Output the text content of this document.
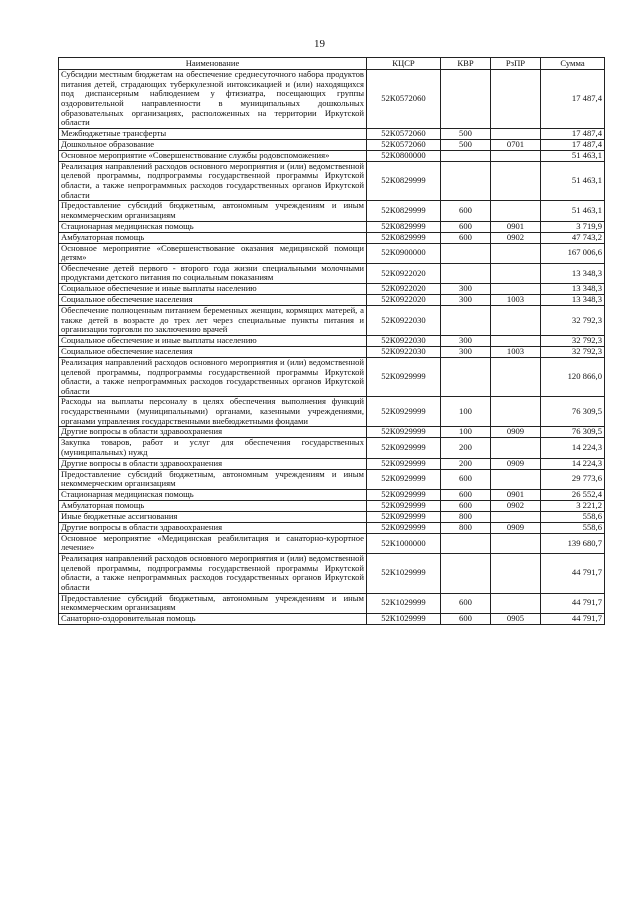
19
Наименование	КЦСР	КВР	РзПР	Сумма
Субсидии местным бюджетам на обеспечение среднесуточного набора продуктов питания детей, страдающих туберкулезной интоксикацией и (или) находящихся под диспансерным наблюдением у фтизиатра, посещающих группы оздоровительной направленности в муниципальных дошкольных образовательных организациях, расположенных на территории Иркутской области	52К0572060			17 487,4
Межбюджетные трансферты	52К0572060	500		17 487,4
Дошкольное образование	52К0572060	500	0701	17 487,4
Основное мероприятие «Совершенствование службы родовспоможения»	52К0800000			51 463,1
Реализация направлений расходов основного мероприятия и (или) ведомственной целевой программы, подпрограммы государственной программы Иркутской области, а также непрограммных расходов государственных органов Иркутской области	52К0829999			51 463,1
Предоставление субсидий бюджетным, автономным учреждениям и иным некоммерческим организациям	52К0829999	600		51 463,1
Стационарная медицинская помощь	52К0829999	600	0901	3 719,9
Амбулаторная помощь	52К0829999	600	0902	47 743,2
Основное мероприятие «Совершенствование оказания медицинской помощи детям»	52К0900000			167 006,6
Обеспечение детей первого - второго года жизни специальными молочными продуктами детского питания по социальным показаниям	52К0922020			13 348,3
Социальное обеспечение и иные выплаты населению	52К0922020	300		13 348,3
Социальное обеспечение населения	52К0922020	300	1003	13 348,3
Обеспечение полноценным питанием беременных женщин, кормящих матерей, а также детей в возрасте до трех лет через специальные пункты питания и организации торговли по заключению врачей	52К0922030			32 792,3
Социальное обеспечение и иные выплаты населению	52К0922030	300		32 792,3
Социальное обеспечение населения	52К0922030	300	1003	32 792,3
Реализация направлений расходов основного мероприятия и (или) ведомственной целевой программы, подпрограммы государственной программы Иркутской области, а также непрограммных расходов государственных органов Иркутской области	52К0929999			120 866,0
Расходы на выплаты персоналу в целях обеспечения выполнения функций государственными (муниципальными) органами, казенными учреждениями, органами управления государственными внебюджетными фондами	52К0929999	100		76 309,5
Другие вопросы в области здравоохранения	52К0929999	100	0909	76 309,5
Закупка товаров, работ и услуг для обеспечения государственных (муниципальных) нужд	52К0929999	200		14 224,3
Другие вопросы в области здравоохранения	52К0929999	200	0909	14 224,3
Предоставление субсидий бюджетным, автономным учреждениям и иным некоммерческим организациям	52К0929999	600		29 773,6
Стационарная медицинская помощь	52К0929999	600	0901	26 552,4
Амбулаторная помощь	52К0929999	600	0902	3 221,2
Иные бюджетные ассигнования	52К0929999	800		558,6
Другие вопросы в области здравоохранения	52К0929999	800	0909	558,6
Основное мероприятие «Медицинская реабилитация и санаторно-курортное лечение»	52К1000000			139 680,7
Реализация направлений расходов основного мероприятия и (или) ведомственной целевой программы, подпрограммы государственной программы Иркутской области, а также непрограммных расходов государственных органов Иркутской области	52К1029999			44 791,7
Предоставление субсидий бюджетным, автономным учреждениям и иным некоммерческим организациям	52К1029999	600		44 791,7
Санаторно-оздоровительная помощь	52К1029999	600	0905	44 791,7
